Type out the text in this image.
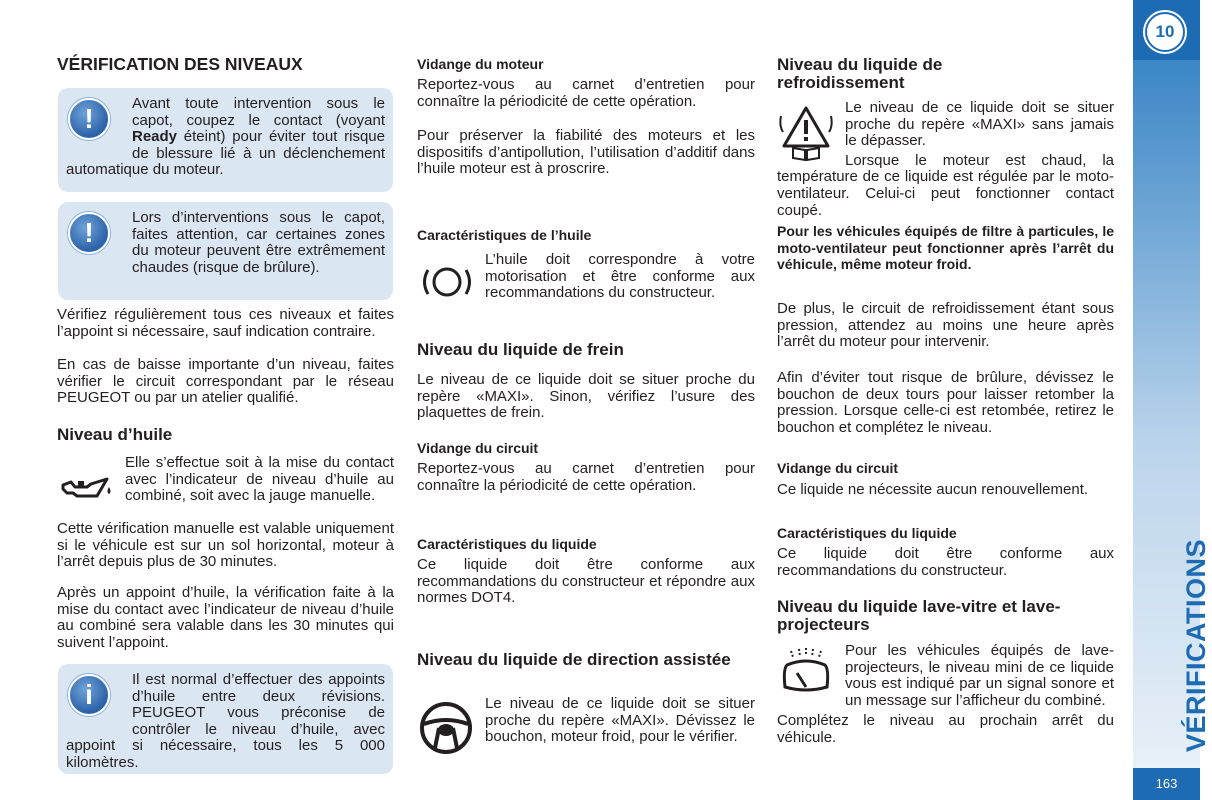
VÉRIFICATION DES NIVEAUX
!	Avant toute intervention sous le capot, coupez le contact (voyant Ready éteint) pour éviter tout risque de blessure lié à un déclenchement automatique du moteur.

!	Lors d’interventions sous le capot, faites attention, car certaines zones du moteur peuvent être extrêmement chaudes (risque de brûlure).

Vérifiez régulièrement tous ces niveaux et faites l’appoint si nécessaire, sauf indication contraire.

En cas de baisse importante d’un niveau, faites vérifier le circuit correspondant par le réseau PEUGEOT ou par un atelier qualifié.

Niveau d’huile

Elle s’effectue soit à la mise du contact avec l’indicateur de niveau d’huile au combiné, soit avec la jauge manuelle.

Cette vérification manuelle est valable uniquement si le véhicule est sur un sol horizontal, moteur à l’arrêt depuis plus de 30 minutes.

Après un appoint d’huile, la vérification faite à la mise du contact avec l’indicateur de niveau d’huile au combiné sera valable dans les 30 minutes qui suivent l’appoint.

i	Il est normal d’effectuer des appoints d’huile entre deux révisions. PEUGEOT vous préconise de contrôler le niveau d’huile, avec appoint si nécessaire, tous les 5 000 kilomètres.

Vidange du moteur

Reportez-vous au carnet d’entretien pour connaître la périodicité de cette opération.

Pour préserver la fiabilité des moteurs et les dispositifs d’antipollution, l’utilisation d’additif dans l’huile moteur est à proscrire.

Caractéristiques de l’huile

L’huile doit correspondre à votre motorisation et être conforme aux recommandations du constructeur.

Niveau du liquide de frein

Le niveau de ce liquide doit se situer proche du repère «MAXI». Sinon, vérifiez l’usure des plaquettes de frein.

Vidange du circuit

Reportez-vous au carnet d’entretien pour connaître la périodicité de cette opération.

Caractéristiques du liquide

Ce liquide doit être conforme aux recommandations du constructeur et répondre aux normes DOT4.

Niveau du liquide de direction assistée

Le niveau de ce liquide doit se situer proche du repère «MAXI». Dévissez le bouchon, moteur froid, pour le vérifier.

Niveau du liquide de refroidissement

Le niveau de ce liquide doit se situer proche du repère «MAXI» sans jamais le dépasser.

Lorsque le moteur est chaud, la température de ce liquide est régulée par le moto-ventilateur. Celui-ci peut fonctionner contact coupé.

Pour les véhicules équipés de filtre à particules, le moto-ventilateur peut fonctionner après l’arrêt du véhicule, même moteur froid.

De plus, le circuit de refroidissement étant sous pression, attendez au moins une heure après l’arrêt du moteur pour intervenir.

Afin d’éviter tout risque de brûlure, dévissez le bouchon de deux tours pour laisser retomber la pression. Lorsque celle-ci est retombée, retirez le bouchon et complétez le niveau.

Vidange du circuit

Ce liquide ne nécessite aucun renouvellement.

Caractéristiques du liquide

Ce liquide doit être conforme aux recommandations du constructeur.

Niveau du liquide lave-vitre et lave-projecteurs

Pour les véhicules équipés de lave-projecteurs, le niveau mini de ce liquide vous est indiqué par un signal sonore et un message sur l’afficheur du combiné.

Complétez le niveau au prochain arrêt du véhicule.

10
VÉRIFICATIONS
163
